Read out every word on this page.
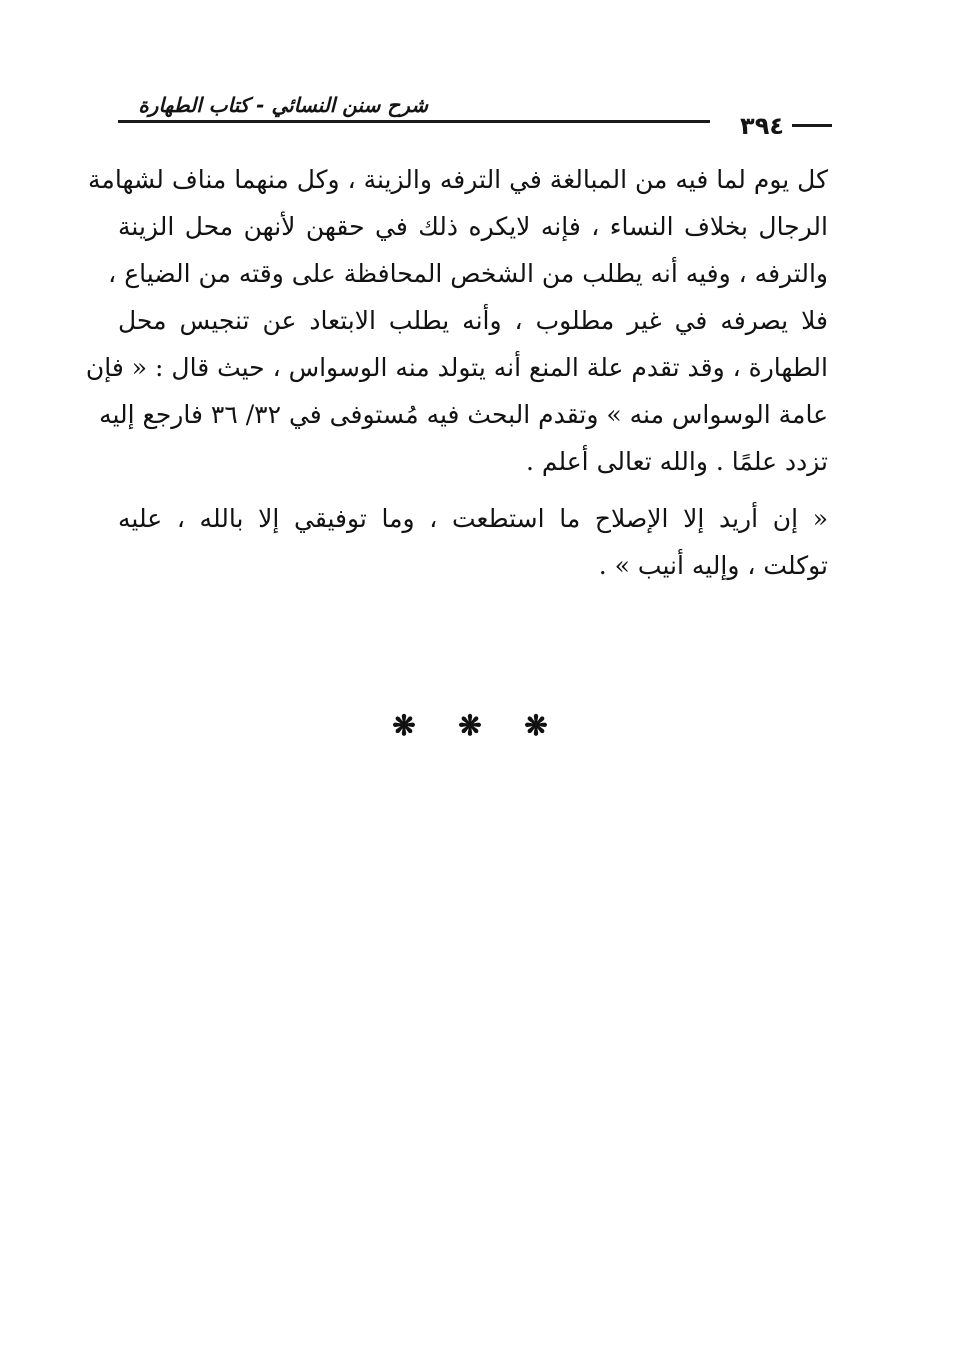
شرح سنن النسائي - كتاب الطهارة
٣٩٤

كل يوم لما فيه من المبالغة في الترفه والزينة ، وكل منهما مناف لشهامة
الرجال بخلاف النساء ، فإنه لايكره ذلك في حقهن لأنهن محل الزينة
والترفه ، وفيه أنه يطلب من الشخص المحافظة على وقته من الضياع ،
فلا يصرفه في غير مطلوب ، وأنه يطلب الابتعاد عن تنجيس محل
الطهارة ، وقد تقدم علة المنع أنه يتولد منه الوسواس ، حيث قال : « فإن
عامة الوسواس منه » وتقدم البحث فيه مُستوفى في ٣٢/ ٣٦ فارجع إليه
تزدد علمًا . والله تعالى أعلم .

« إن أريد إلا الإصلاح ما استطعت ، وما توفيقي إلا بالله ، عليه
توكلت ، وإليه أنيب » .

❋ ❋ ❋
